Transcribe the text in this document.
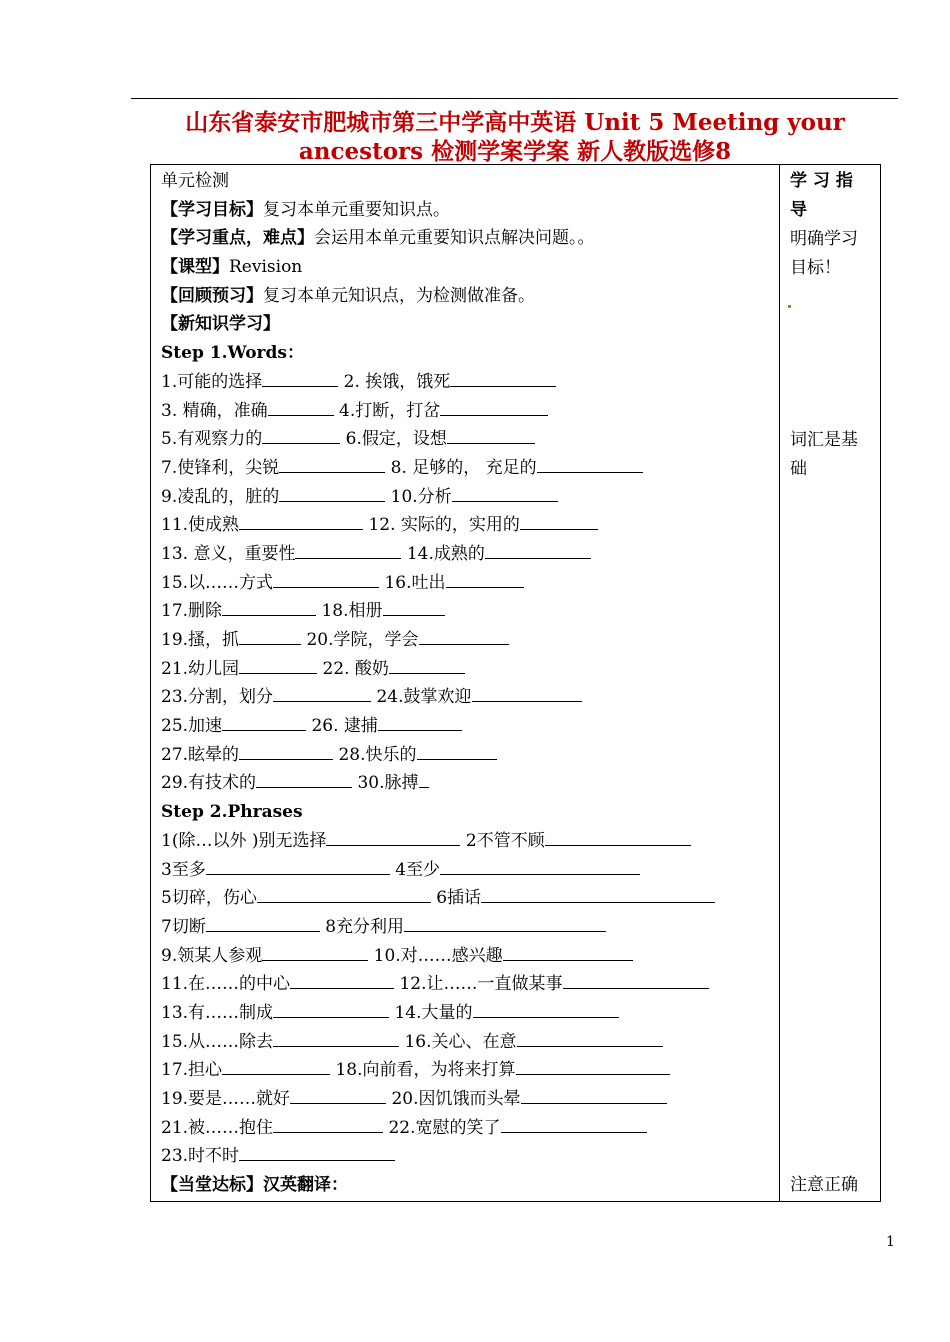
山东省泰安市肥城市第三中学高中英语 Unit 5 Meeting your
ancestors 检测学案学案 新人教版选修8
单元检测
【学习目标】复习本单元重要知识点。
【学习重点，难点】会运用本单元重要知识点解决问题。。
【课型】Revision
【回顾预习】复习本单元知识点，为检测做准备。
【新知识学习】
Step 1.Words：
1.可能的选择	2. 挨饿，饿死
3. 精确，准确	4.打断，打岔
5.有观察力的	6.假定，设想
7.使锋利，尖锐	8. 足够的， 充足的
9.凌乱的，脏的	10.分析
11.使成熟	12. 实际的，实用的
13. 意义，重要性	14.成熟的
15.以……方式	16.吐出
17.删除	18.相册
19.搔，抓	20.学院，学会
21.幼儿园	22. 酸奶
23.分割，划分	24.鼓掌欢迎
25.加速	26. 逮捕
27.眩晕的	28.快乐的
29.有技术的	30.脉搏
Step 2.Phrases
1(除…以外 )别无选择	2不管不顾
3至多	4至少
5切碎，伤心	6插话
7切断	8充分利用
9.领某人参观	10.对……感兴趣
11.在……的中心	12.让……一直做某事
13.有……制成	14.大量的
15.从……除去	16.关心、在意
17.担心	18.向前看，为将来打算
19.要是……就好	20.因饥饿而头晕
21.被……抱住	22.宽慰的笑了
23.时不时
【当堂达标】汉英翻译：

学 习 指
导
明确学习
目标！
词汇是基
础
注意正确
1
